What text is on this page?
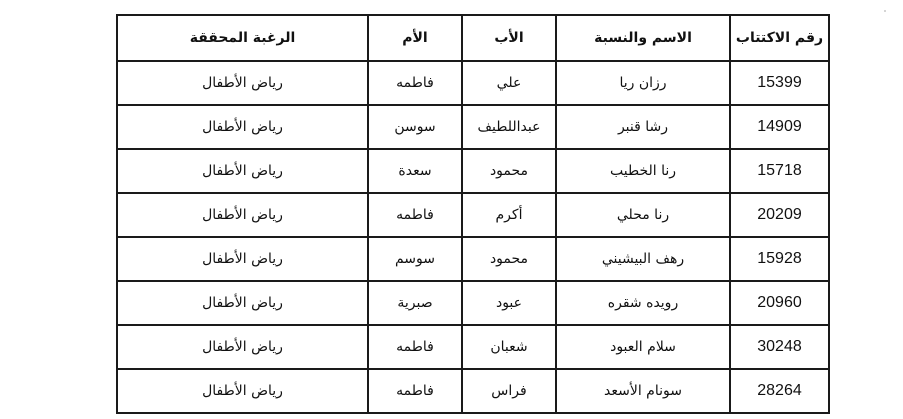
رقم الاكتتاب	الاسم والنسبة	الأب	الأم	الرغبة المحققة
15399	رزان ريا	علي	فاطمه	رياض الأطفال
14909	رشا قنبر	عبداللطيف	سوسن	رياض الأطفال
15718	رنا الخطيب	محمود	سعدة	رياض الأطفال
20209	رنا محلي	أكرم	فاطمه	رياض الأطفال
15928	رهف البيشيني	محمود	سوسم	رياض الأطفال
20960	رويده شقره	عبود	صبرية	رياض الأطفال
30248	سلام العبود	شعبان	فاطمه	رياض الأطفال
28264	سونام الأسعد	فراس	فاطمه	رياض الأطفال
